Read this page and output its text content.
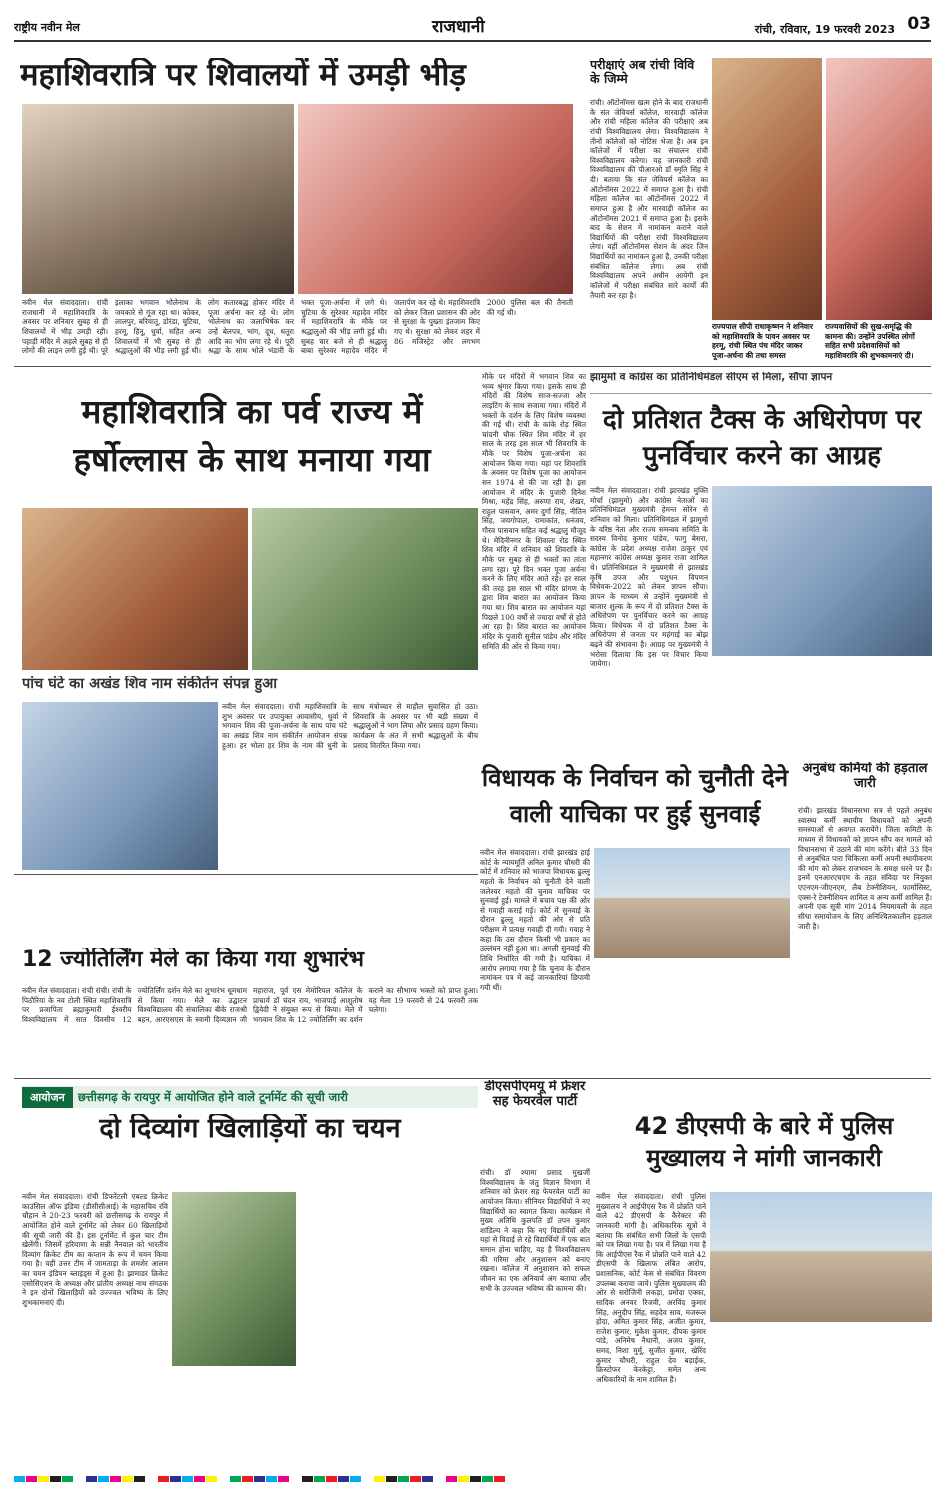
राष्ट्रीय नवीन मेल	राजधानी	रांची, रविवार, 19 फरवरी 2023 03
महाशिवरात्रि पर शिवालयों में उमड़ी भीड़
नवीन मेल संवाददाता। रांची राजधानी में महाशिवरात्रि के अवसर पर शनिवार सुबह से ही शिवालयों में भीड़ उमड़ी रही। पहाड़ी मंदिर में अहले सुबह से ही लोगों की लाइन लगी हुई थी। पूरे इलाका भगवान भोलेनाथ के जयकारे से गूंज रहा था। कोकर, लालपुर, बरियातू, डोरंडा, चुटिया, हरमू, हिनू, धुर्वा, सहित अन्य शिवालयों में भी सुबह से ही श्रद्धालुओं की भीड़ लगी हुई थी। लोग कतारबद्ध होकर मंदिर में पूजा अर्चना कर रहे थे। लोग भोलेनाथ का जलाभिषेक कर उन्हें बेलपत्र, भांग, दूध, धतूरा आदि का भोग लगा रहे थे। पूरी श्रद्धा के साथ भोले भंडारी के भक्त पूजा-अर्चना में लगे थे। चुटिया के सुरेश्वर महादेव मंदिर में महाशिवरात्रि के मौके पर श्रद्धालुओं की भीड़ लगी हुई थी। सुबह चार बजे से ही श्रद्धालु बाबा सुरेश्वर महादेव मंदिर में जलार्पण कर रहे थे। महाशिवरात्रि को लेकर जिला प्रशासन की ओर से सुरक्षा के पुख्ता इंतजाम किए गए थे। सुरक्षा को लेकर शहर में 86 मजिस्ट्रेट और लगभग 2000 पुलिस बल की तैनाती की गई थी।
परीक्षाएं अब रांची विवि के जिम्मे
रांची। ऑटोनॉमस खत्म होने के बाद राजधानी के संत जेवियर्स कॉलेज, मारवाड़ी कॉलेज और रांची महिला कॉलेज की परीक्षाएं अब रांची विश्वविद्यालय लेगा। विश्वविद्यालय ने तीनों कॉलेजों को नोटिस भेजा है। अब इन कॉलेजों में परीक्षा का संचालन रांची विश्वविद्यालय करेगा। यह जानकारी रांची विश्वविद्यालय की पीआरओ डॉ स्मृति सिंह ने दी। बताया कि संत जेवियर्स कॉलेज का ऑटोनॉमस 2022 में समाप्त हुआ है। रांची महिला कॉलेज का ऑटोनॉमस 2022 में समाप्त हुआ है और मारवाड़ी कॉलेज का ऑटोनॉमस 2021 में समाप्त हुआ है। इसके बाद के सेशन में नामांकन कराने वाले विद्यार्थियों की परीक्षा रांची विश्वविद्यालय लेगा। वहीं ऑटोनॉमस सेशन के अंदर जिन विद्यार्थियों का नामांकन हुआ है, उनकी परीक्षा संबंधित कॉलेज लेगा। अब रांची विश्वविद्यालय अपने अधीन आयेगी इन कॉलेजों में परीक्षा संबंधित सारे कार्यों की तैयारी कर रहा है।
राज्यपाल सीपी राधाकृष्णन ने शनिवार को महाशिवरात्रि के पावन अवसर पर हरमू, रांची स्थित पंच मंदिर जाकर पूजा-अर्चना की तथा समस्त राज्यवासियों की सुख-समृद्धि की कामना की। उन्होंने उपस्थित लोगों सहित सभी प्रदेशवासियों को महाशिवरात्रि की शुभकामनाएं दी।
महाशिवरात्रि का पर्व राज्य में हर्षोल्लास के साथ मनाया गया
मौके पर मंदिरों में भगवान शिव का भव्य श्रृंगार किया गया। इसके साथ ही मंदिरों की विशेष साज-सज्जा और लाइटिंग के साथ सजाया गया। मंदिरों में भक्तों के दर्शन के लिए विशेष व्यवस्था की गई थी। रांची के कांके रोड़ स्थित चांदनी चौक स्थित शिव मंदिर में हर साल के तरह इस साल भी शिवरात्रि के मौके पर विशेष पूजा-अर्चना का आयोजन किया गया। यहां पर शिवरात्रि के अवसर पर विशेष पूजा का आयोजन सन 1974 से की जा रही है। इस आयोजन में मंदिर के पुजारी दिनेश मिश्रा, महेंद्र सिंह, अरुणा राय, शेखर, राहुल पासवान, अमर दुर्गा सिंह, नीतिन सिंह, जयगोपाल, रामाकांत, धनंजय, गौरव पासवान सहित कई श्रद्धालु मौजूद थे। मेदिनीनगर के शिवाला रोड स्थित शिव मंदिर में शनिवार को शिवरात्रि के मौके पर सुबह से ही भक्तों का तांता लगा रहा। पूरे दिन भक्त पूजा अर्चना करने के लिए मंदिर आते रहे। हर साल की तरह इस साल भी मंदिर प्रांगण के द्वारा शिव बारात का आयोजन किया गया था। शिव बारात का आयोजन यहां पिछले 100 वर्षों से ज्यादा वर्षों से होते आ रहा है। शिव बारात का आयोजन मंदिर के पुजारी सुनील पांडेय और मंदिर समिति की ओर से किया गया।
पांच घंटे का अखंड शिव नाम संकीर्तन संपन्न हुआ
नवीन मेल संवाददाता। रांची महाशिवरात्रि के शुभ अवसर पर उपायुक्त आवासीय, धुर्वा में भगवान शिव की पूजा-अर्चना के साथ पांच घंटे का अखंड शिव नाम संकीर्तन आयोजन संपन्न हुआ। हर भोला हर शिव के नाम की धुनी के साथ मंत्रोच्चार से माहौल सुवासित हो उठा। शिवरात्रि के अवसर पर भी बड़ी संख्या में श्रद्धालुओं ने भाग लिया और प्रसाद ग्रहण किया। कार्यक्रम के अंत में सभी श्रद्धालुओं के बीच प्रसाद वितरित किया गया।
झामुमो व कांग्रेस का प्रतिनिधिमंडल सीएम से मिला, सौंपा ज्ञापन
दो प्रतिशत टैक्स के अधिरोपण पर पुनर्विचार करने का आग्रह
नवीन मेल संवाददाता। रांची झारखंड मुक्ति मोर्चा (झामुमो) और कांग्रेस नेताओं का प्रतिनिधिमंडल मुख्यमंत्री हेमन्त सोरेन से शनिवार को मिला। प्रतिनिधिमंडल में झामुमो के वरिष्ठ नेता और राज्य समन्वय समिति के सदस्य विनोद कुमार पांडेय, फागु बेसरा, कांग्रेस के प्रदेश अध्यक्ष राजेश ठाकुर एवं महानगर कांग्रेस अध्यक्ष कुमार राजा शामिल थे। प्रतिनिधिमंडल ने मुख्यमंत्री से झारखंड कृषि उपज और पशुधन विपणन विधेयक-2022 को लेकर ज्ञापन सौंपा। ज्ञापन के माध्यम से उन्होंने मुख्यमंत्री से बाजार शुल्क के रूप में दो प्रतिशत टैक्स के अधिरोपण पर पुनर्विचार करने का आग्रह किया। विधेयक में दो प्रतिशत टैक्स के अधिरोपण से जनता पर महंगाई का बोझ बढ़ने की संभावना है। आग्रह पर मुख्यमंत्री ने भरोसा दिलाया कि इस पर विचार किया जायेगा।
विधायक के निर्वाचन को चुनौती देने वाली याचिका पर हुई सुनवाई
नवीन मेल संवाददाता। रांची झारखंड हाई कोर्ट के न्यायमूर्ति अनिल कुमार चौधरी की कोर्ट में शनिवार को भाजपा विधायक ढुल्लू महतो के निर्वाचन को चुनौती देने वाली जलेश्वर महतो की चुनाव याचिका पर सुनवाई हुई। मामले में बचाव पक्ष की ओर से गवाही कराई गई। कोर्ट में सुनवाई के दौरान ढुल्लू महतो की ओर से प्रति परीक्षण में प्रत्यक्ष गवाही दी गयी। गवाह ने कहा कि उस दौरान किसी भी प्रकार का उल्लंघन नहीं हुआ था। अगली सुनवाई की तिथि निर्धारित की गयी है। याचिका में आरोप लगाया गया है कि चुनाव के दौरान नामांकन पत्र में कई जानकारियां छिपायी गयी थीं।
अनुबंध कर्मियों की हड़ताल जारी
रांची। झारखंड विधानसभा सत्र से पहले अनुबंध स्वास्थ्य कर्मी स्थायीय विधायकों को अपनी समस्याओं से अवगत करायेंगे। जिला कमिटी के माध्यम से विधायकों को ज्ञापन सौंप कर मामले को विधानसभा में उठाने की मांग करेंगे। बीते 33 दिन से अनुबंधित पारा चिकित्सा कर्मी अपनी स्थायीकरण की मांग को लेकर राजभवन के समक्ष धरने पर हैं। इनमें एनआरएचएम के तहत संविदा पर नियुक्त एएनएम-जीएनएम, लैब टेक्नीशियन, फार्मासिस्ट, एक्स-रे टेक्नीशियन शामिल व अन्य कर्मी शामिल हैं। अपनी एक सूत्री मांग 2014 नियमावली के तहत सीधा समायोजन के लिए अनिश्चितकालीन हड़ताल जारी है।
12 ज्योतिर्लिंग मेले का किया गया शुभारंभ
नवीन मेल संवाददाता। रांची रांची। रांची के पिठौरिया के नव टोली स्थित महाशिवरात्रि पर प्रजापिता ब्रह्माकुमारी ईश्वरीय विश्वविद्यालय में सात दिवसीय 12 ज्योतिर्लिंग दर्शन मेले का शुभारंभ धूमधाम से किया गया। मेले का उद्घाटन विश्वविद्यालय की संचालिका बीके राजश्री बहन, आरएसएस के स्वामी दिव्यज्ञान जी महाराज, पूर्व एस मेमोरियल कॉलेज के प्राचार्य डॉ चंदन राय, भाजपाई आशुतोष द्विवेदी ने संयुक्त रूप से किया। मेले में भगवान शिव के 12 ज्योतिर्लिंग का दर्शन कराने का सौभाग्य भक्तों को प्राप्त हुआ। यह मेला 19 फरवरी से 24 फरवरी तक चलेगा।
आयोजन छत्तीसगढ़ के रायपुर में आयोजित होने वाले टूर्नामेंट की सूची जारी
दो दिव्यांग खिलाड़ियों का चयन
नवीन मेल संवाददाता। रांची डिफरेंटली एबल्ड क्रिकेट काउंसिल ऑफ इंडिया (डीसीसीआई) के महासचिव रवि चौहान ने 20-23 फरवरी को छत्तीसगढ़ के रायपुर में आयोजित होने वाले टूर्नामेंट को लेकर 60 खिलाड़ियों की सूची जारी की है। इस टूर्नामेंट में कुल चार टीम खेलेंगी। जिसमें हरियाणा के सन्नी नैनवाल को भारतीय दिव्यांग क्रिकेट टीम का कप्तान के रूप में चयन किया गया है। वहीं उत्तर टीम में जामताड़ा के शमशेर आलम का चयन इंडियन ब्लाइंड्स में हुआ है। झामाडर क्रिकेट एसोसिएशन के अध्यक्ष और प्रांतीय अध्यक्ष नाथ संगठक ने इन दोनों खिलाड़ियों को उज्ज्वल भविष्य के लिए शुभकामनाएं दी।
डीएसपीएमयू में फ्रेशर सह फेयरवेल पार्टी
रांची। डॉ श्यामा प्रसाद मुखर्जी विश्वविद्यालय के जंतु विज्ञान विभाग में शनिवार को फ्रेशर सह फेयरवेल पार्टी का आयोजन किया। सीनियर विद्यार्थियों ने नए विद्यार्थियों का स्वागत किया। कार्यक्रम में मुख्य अतिथि कुलपति डॉ तपन कुमार शांडिल्य ने कहा कि नए विद्यार्थियों और यहां से विदाई ले रहे विद्यार्थियों में एक बात समान होना चाहिए, वह है विश्वविद्यालय की गरिमा और अनुशासन को बनाए रखना। कॉलेज में अनुशासन को सफल जीवन का एक अनिवार्य अंग बताया और सभी के उज्ज्वल भविष्य की कामना की।
42 डीएसपी के बारे में पुलिस मुख्यालय ने मांगी जानकारी
नवीन मेल संवाददाता। रांची पुलिस मुख्यालय ने आईपीएस रैंक में प्रोन्नति पाने वाले 42 डीएसपी के कैरेक्टर की जानकारी मांगी है। अधिकारिक सूत्रों ने बताया कि संबंधित सभी जिलों के एसपी को पत्र लिखा गया है। पत्र में लिखा गया है कि आईपीएस रैंक में प्रोन्नति पाने वाले 42 डीएसपी के खिलाफ लंबित आरोप, प्रशासनिक, कोर्ट केस से संबंधित विवरण उपलब्ध कराया जाये। पुलिस मुख्यालय की ओर से सरोजिनी लकड़ा, प्रमोदा एक्का, सादिक अनवर रिजवी, अरविंद कुमार सिंह, अनुदीप सिंह, सहदेव साव, मजरूल होदा, अमित कुमार सिंह, अजीत कुमार, राजेश कुमार, मुकेश कुमार, दीपक कुमार पांडे, अनिमेष नैथानी, अजय कुमार, समद, निशा मुर्मू, सुजीत कुमार, खेरिंद कुमार चौधरी, राहुल देव बड़ाईक, क्रिस्टोफर केरकेट्टा, समेत अन्य अधिकारियों के नाम शामिल हैं।
